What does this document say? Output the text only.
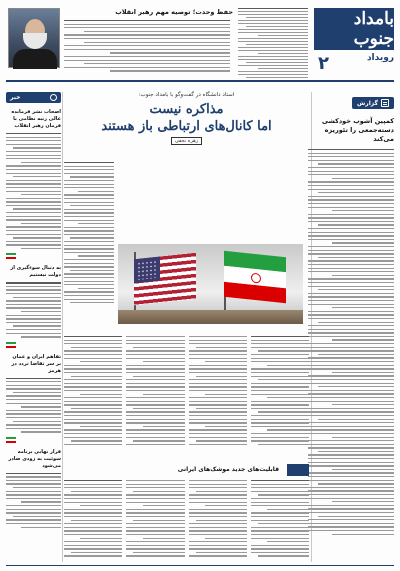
بامداد جنوب
رویداد
۲
حفظ وحدت؛ توصیه مهم رهبر انقلاب
گزارش
کمپین آشوب خودکشی دسته‌جمعی را تئوریزه می‌کند
خبر
اصحاب نشر فرمانده عالی رتبه نظامی با فرمان رهبر انقلاب
به دنبال سوءگیری از دولت نیستیم
تفاهم ایران و عمان بر سر تقاضا تردد در هرمز
قرار نهایی برنامه سوئیت به زودی صادر می‌شود
استاد دانشگاه در گفت‌وگو با بامداد جنوب:
مذاکره نیست
اما کانال‌های ارتباطی باز هستند
زهره نجفی
قابلیت‌های جدید موشک‌های ایرانی
